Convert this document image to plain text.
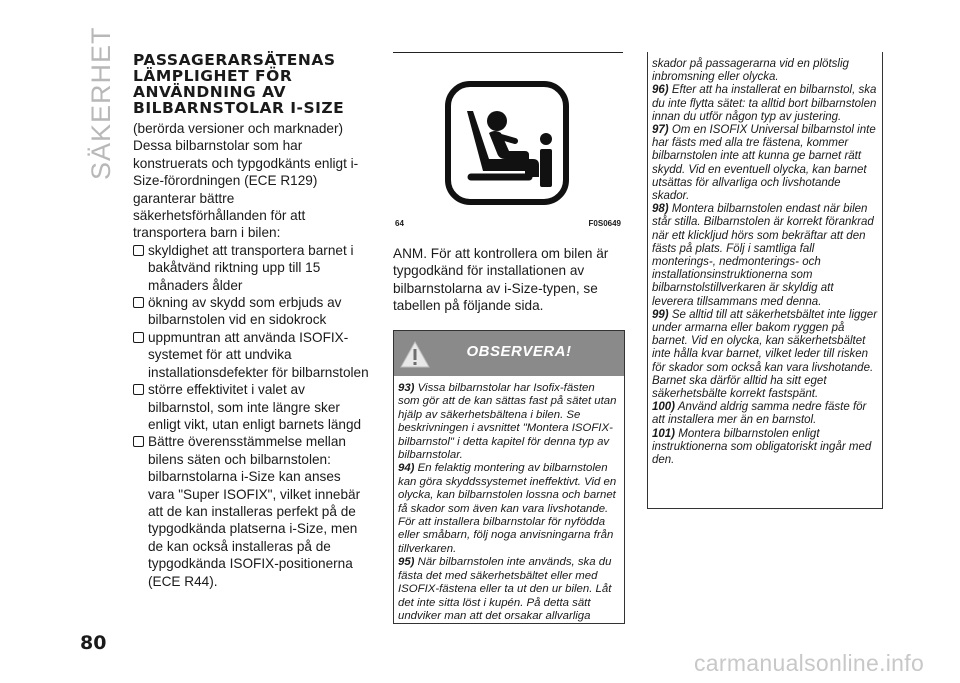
SÄKERHET PASSAGERARSÄTENAS
LÄMPLIGHET FÖR
ANVÄNDNING AV
BILBARNSTOLAR I-SIZE

(berörda versioner och marknader) Dessa bilbarnstolar som har konstruerats och typgodkänts enligt i-Size-förordningen (ECE R129) garanterar bättre säkerhetsförhållanden för att transportera barn i bilen:

skyldighet att transportera barnet i bakåtvänd riktning upp till 15 månaders ålder
ökning av skydd som erbjuds av bilbarnstolen vid en sidokrock
uppmuntran att använda ISOFIX-systemet för att undvika installationsdefekter för bilbarnstolen
större effektivitet i valet av bilbarnstol, som inte längre sker enligt vikt, utan enligt barnets längd
Bättre överensstämmelse mellan bilens säten och bilbarnstolen: bilbarnstolarna i-Size kan anses vara "Super ISOFIX", vilket innebär att de kan installeras perfekt på de typgodkända platserna i-Size, men de kan också installeras på de typgodkända ISOFIX-positionerna (ECE R44).
64	F0S0649

ANM. För att kontrollera om bilen är typgodkänd för installationen av bilbarnstolarna av i-Size-typen, se tabellen på följande sida.

OBSERVERA!

93) Vissa bilbarnstolar har Isofix-fästen som gör att de kan sättas fast på sätet utan hjälp av säkerhetsbältena i bilen. Se beskrivningen i avsnittet "Montera ISOFIX-bilbarnstol" i detta kapitel för denna typ av bilbarnstolar.

94) En felaktig montering av bilbarnstolen kan göra skyddssystemet ineffektivt. Vid en olycka, kan bilbarnstolen lossna och barnet få skador som även kan vara livshotande. För att installera bilbarnstolar för nyfödda eller småbarn, följ noga anvisningarna från tillverkaren.

95) När bilbarnstolen inte används, ska du fästa det med säkerhetsbältet eller med ISOFIX-fästena eller ta ut den ur bilen. Låt det inte sitta löst i kupén. På detta sätt undviker man att det orsakar allvarliga

skador på passagerarna vid en plötslig inbromsning eller olycka.

96) Efter att ha installerat en bilbarnstol, ska du inte flytta sätet: ta alltid bort bilbarnstolen innan du utför någon typ av justering.

97) Om en ISOFIX Universal bilbarnstol inte har fästs med alla tre fästena, kommer bilbarnstolen inte att kunna ge barnet rätt skydd. Vid en eventuell olycka, kan barnet utsättas för allvarliga och livshotande skador.

98) Montera bilbarnstolen endast när bilen står stilla. Bilbarnstolen är korrekt förankrad när ett klickljud hörs som bekräftar att den fästs på plats. Följ i samtliga fall monterings-, nedmonterings- och installationsinstruktionerna som bilbarnstolstillverkaren är skyldig att leverera tillsammans med denna.

99) Se alltid till att säkerhetsbältet inte ligger under armarna eller bakom ryggen på barnet. Vid en olycka, kan säkerhetsbältet inte hålla kvar barnet, vilket leder till risken för skador som också kan vara livshotande. Barnet ska därför alltid ha sitt eget säkerhetsbälte korrekt fastspänt.

100) Använd aldrig samma nedre fäste för att installera mer än en barnstol.

101) Montera bilbarnstolen enligt instruktionerna som obligatoriskt ingår med den.

80
carmanualsonline.info
